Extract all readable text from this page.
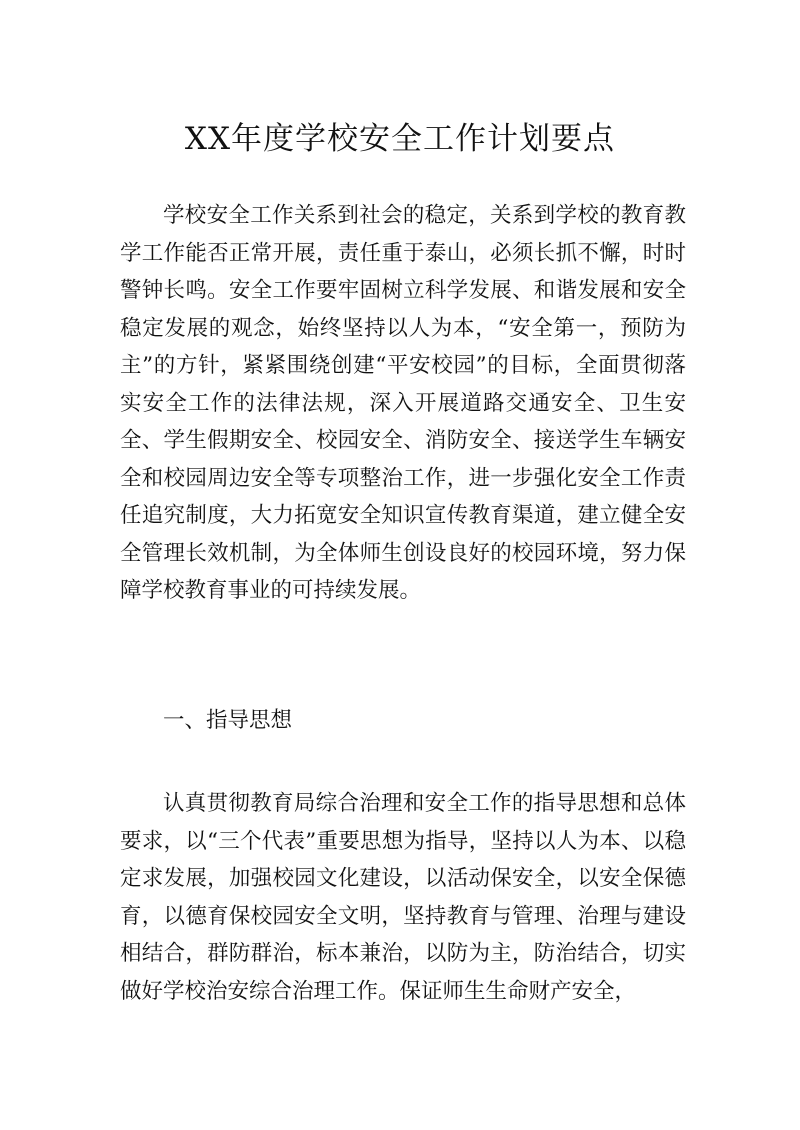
XX年度学校安全工作计划要点

学校安全工作关系到社会的稳定，关系到学校的教育教学工作能否正常开展，责任重于泰山，必须长抓不懈，时时警钟长鸣。安全工作要牢固树立科学发展、和谐发展和安全稳定发展的观念，始终坚持以人为本，“安全第一，预防为主”的方针，紧紧围绕创建“平安校园”的目标，全面贯彻落实安全工作的法律法规，深入开展道路交通安全、卫生安全、学生假期安全、校园安全、消防安全、接送学生车辆安全和校园周边安全等专项整治工作，进一步强化安全工作责任追究制度，大力拓宽安全知识宣传教育渠道，建立健全安全管理长效机制，为全体师生创设良好的校园环境，努力保障学校教育事业的可持续发展。

一、指导思想

认真贯彻教育局综合治理和安全工作的指导思想和总体要求，以“三个代表”重要思想为指导，坚持以人为本、以稳定求发展，加强校园文化建设，以活动保安全，以安全保德育，以德育保校园安全文明，坚持教育与管理、治理与建设相结合，群防群治，标本兼治，以防为主，防治结合，切实做好学校治安综合治理工作。保证师生生命财产安全，
